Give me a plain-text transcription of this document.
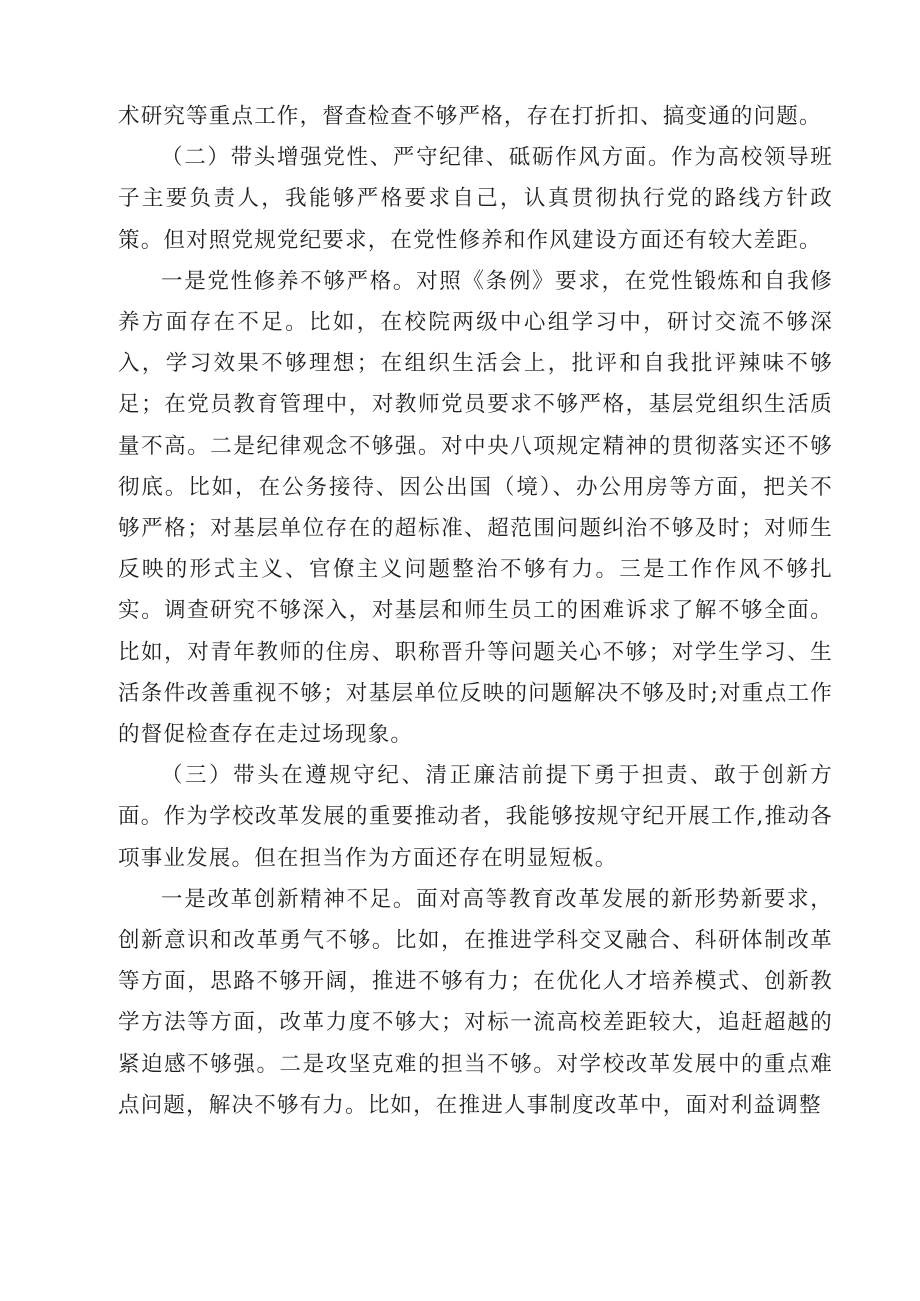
术研究等重点工作，督查检查不够严格，存在打折扣、搞变通的问题。

（二）带头增强党性、严守纪律、砥砺作风方面。作为高校领导班子主要负责人，我能够严格要求自己，认真贯彻执行党的路线方针政策。但对照党规党纪要求，在党性修养和作风建设方面还有较大差距。

一是党性修养不够严格。对照《条例》要求，在党性锻炼和自我修养方面存在不足。比如，在校院两级中心组学习中，研讨交流不够深入，学习效果不够理想；在组织生活会上，批评和自我批评辣味不够足；在党员教育管理中，对教师党员要求不够严格，基层党组织生活质量不高。二是纪律观念不够强。对中央八项规定精神的贯彻落实还不够彻底。比如，在公务接待、因公出国（境）、办公用房等方面，把关不够严格；对基层单位存在的超标准、超范围问题纠治不够及时；对师生反映的形式主义、官僚主义问题整治不够有力。三是工作作风不够扎实。调查研究不够深入，对基层和师生员工的困难诉求了解不够全面。比如，对青年教师的住房、职称晋升等问题关心不够；对学生学习、生活条件改善重视不够；对基层单位反映的问题解决不够及时;对重点工作的督促检查存在走过场现象。

（三）带头在遵规守纪、清正廉洁前提下勇于担责、敢于创新方面。作为学校改革发展的重要推动者，我能够按规守纪开展工作,推动各项事业发展。但在担当作为方面还存在明显短板。

一是改革创新精神不足。面对高等教育改革发展的新形势新要求，创新意识和改革勇气不够。比如，在推进学科交叉融合、科研体制改革等方面，思路不够开阔，推进不够有力；在优化人才培养模式、创新教学方法等方面，改革力度不够大；对标一流高校差距较大，追赶超越的紧迫感不够强。二是攻坚克难的担当不够。对学校改革发展中的重点难点问题，解决不够有力。比如，在推进人事制度改革中，面对利益调整
